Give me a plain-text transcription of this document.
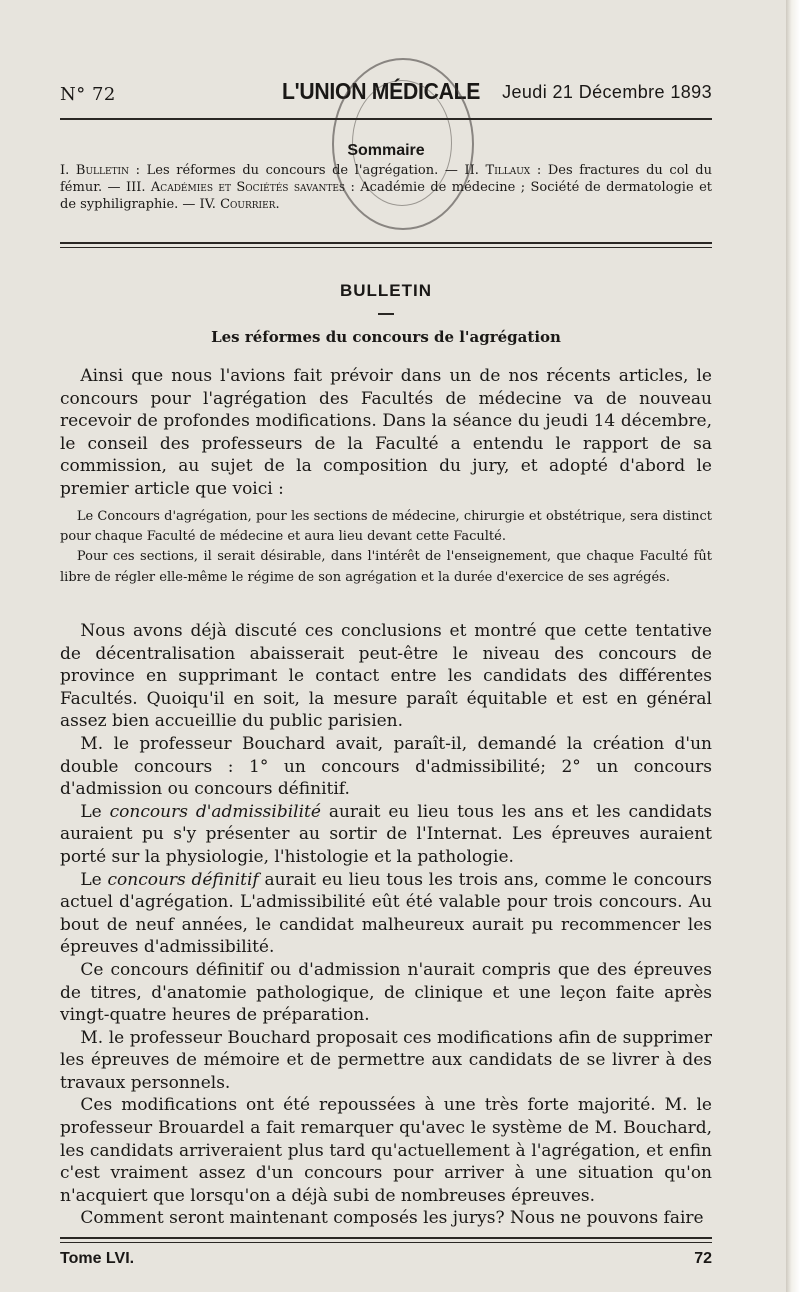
N° 72	L'UNION MÉDICALE Jeudi 21 Décembre 1893
Sommaire
I. Bulletin : Les réformes du concours de l'agrégation. — II. Tillaux : Des fractures du col du fémur. — III. Académies et Sociétés savantes : Académie de médecine ; Société de dermatologie et de syphiligraphie. — IV. Courrier.
BULLETIN
Les réformes du concours de l'agrégation

Ainsi que nous l'avions fait prévoir dans un de nos récents articles, le concours pour l'agrégation des Facultés de médecine va de nouveau recevoir de profondes modifications. Dans la séance du jeudi 14 décembre, le conseil des professeurs de la Faculté a entendu le rapport de sa commission, au sujet de la composition du jury, et adopté d'abord le premier article que voici :

Le Concours d'agrégation, pour les sections de médecine, chirurgie et obstétrique, sera distinct pour chaque Faculté de médecine et aura lieu devant cette Faculté.

Pour ces sections, il serait désirable, dans l'intérêt de l'enseignement, que chaque Faculté fût libre de régler elle-même le régime de son agrégation et la durée d'exercice de ses agrégés.

Nous avons déjà discuté ces conclusions et montré que cette tentative de décentralisation abaisserait peut-être le niveau des concours de province en supprimant le contact entre les candidats des différentes Facultés. Quoiqu'il en soit, la mesure paraît équitable et est en général assez bien accueillie du public parisien.

M. le professeur Bouchard avait, paraît-il, demandé la création d'un double concours : 1° un concours d'admissibilité; 2° un concours d'admission ou concours définitif.

Le concours d'admissibilité aurait eu lieu tous les ans et les candidats auraient pu s'y présenter au sortir de l'Internat. Les épreuves auraient porté sur la physiologie, l'histologie et la pathologie.

Le concours définitif aurait eu lieu tous les trois ans, comme le concours actuel d'agrégation. L'admissibilité eût été valable pour trois concours. Au bout de neuf années, le candidat malheureux aurait pu recommencer les épreuves d'admissibilité.

Ce concours définitif ou d'admission n'aurait compris que des épreuves de titres, d'anatomie pathologique, de clinique et une leçon faite après vingt-quatre heures de préparation.

M. le professeur Bouchard proposait ces modifications afin de supprimer les épreuves de mémoire et de permettre aux candidats de se livrer à des travaux personnels.

Ces modifications ont été repoussées à une très forte majorité. M. le professeur Brouardel a fait remarquer qu'avec le système de M. Bouchard, les candidats arriveraient plus tard qu'actuellement à l'agrégation, et enfin c'est vraiment assez d'un concours pour arriver à une situation qu'on n'acquiert que lorsqu'on a déjà subi de nombreuses épreuves.

Comment seront maintenant composés les jurys? Nous ne pouvons faire

Tome LVI.	72
